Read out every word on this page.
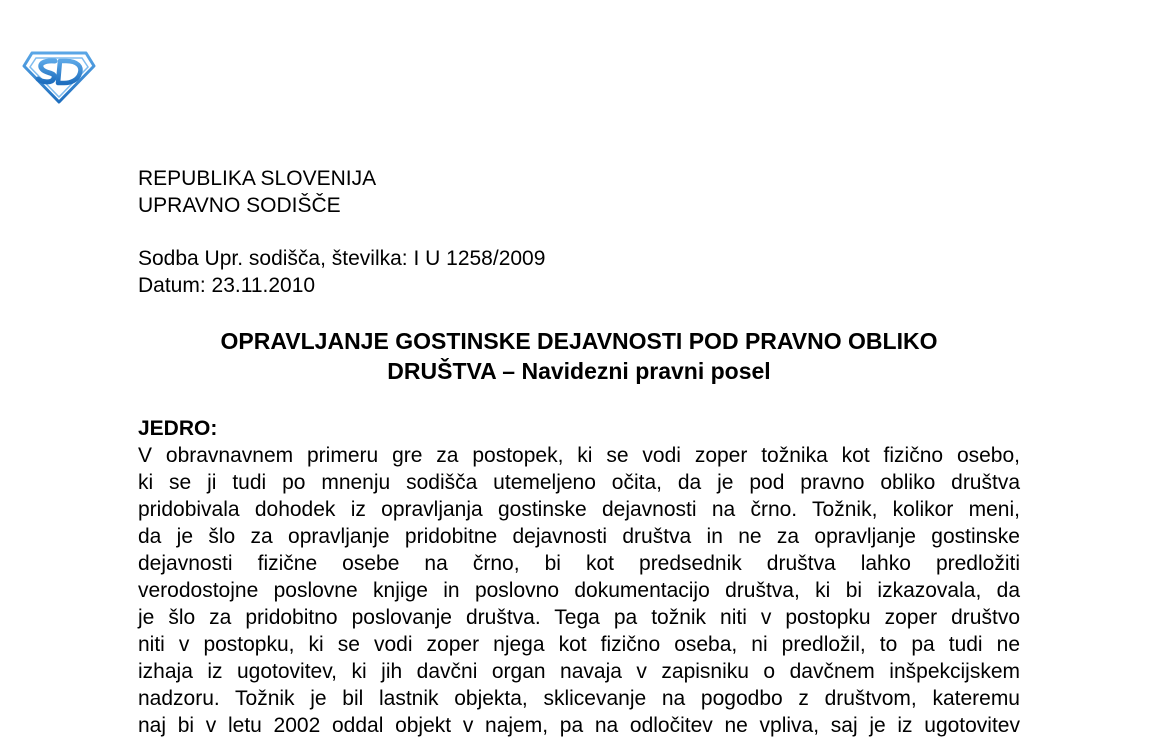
REPUBLIKA SLOVENIJA
UPRAVNO SODIŠČE
Sodba Upr. sodišča, številka: I U 1258/2009
Datum: 23.11.2010
OPRAVLJANJE GOSTINSKE DEJAVNOSTI POD PRAVNO OBLIKO
DRUŠTVA – Navidezni pravni posel
JEDRO:
V obravnavnem primeru gre za postopek, ki se vodi zoper tožnika kot fizično osebo,
ki se ji tudi po mnenju sodišča utemeljeno očita, da je pod pravno obliko društva
pridobivala dohodek iz opravljanja gostinske dejavnosti na črno. Tožnik, kolikor meni,
da je šlo za opravljanje pridobitne dejavnosti društva in ne za opravljanje gostinske
dejavnosti fizične osebe na črno, bi kot predsednik društva lahko predložiti
verodostojne poslovne knjige in poslovno dokumentacijo društva, ki bi izkazovala, da
je šlo za pridobitno poslovanje društva. Tega pa tožnik niti v postopku zoper društvo
niti v postopku, ki se vodi zoper njega kot fizično oseba, ni predložil, to pa tudi ne
izhaja iz ugotovitev, ki jih davčni organ navaja v zapisniku o davčnem inšpekcijskem
nadzoru. Tožnik je bil lastnik objekta, sklicevanje na pogodbo z društvom, kateremu
naj bi v letu 2002 oddal objekt v najem, pa na odločitev ne vpliva, saj je iz ugotovitev
